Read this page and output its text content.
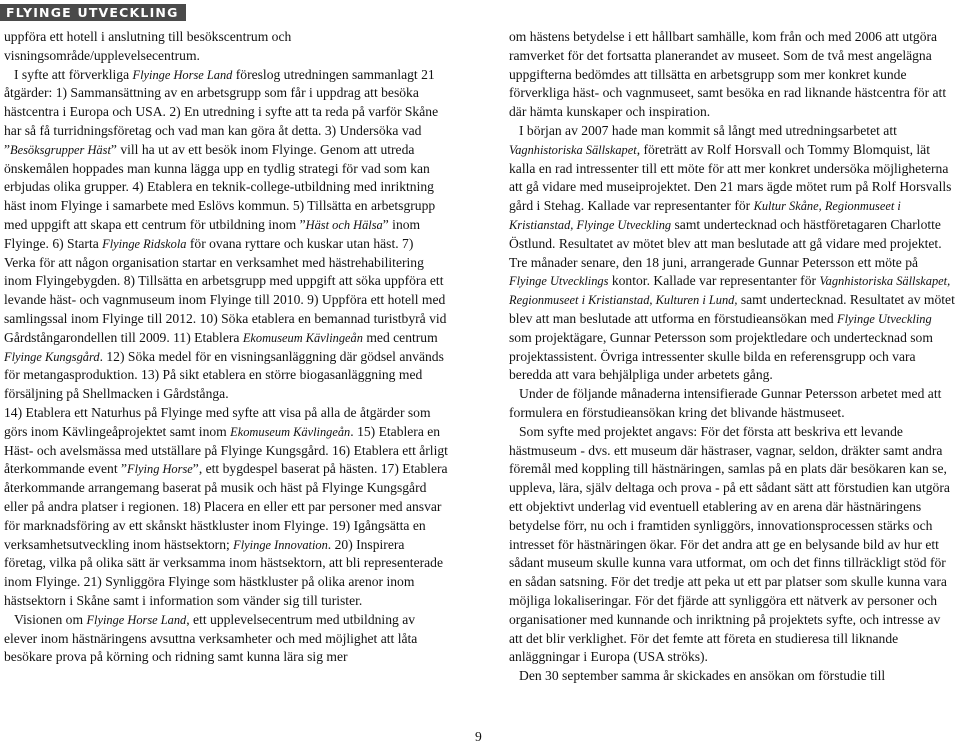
FLYINGE UTVECKLING

uppföra ett hotell i anslutning till besökscentrum och visningsområde/upplevelsecentrum.

I syfte att förverkliga Flyinge Horse Land föreslog utredningen sammanlagt 21 åtgärder: 1) Sammansättning av en arbetsgrupp som får i uppdrag att besöka hästcentra i Europa och USA. 2) En utredning i syfte att ta reda på varför Skåne har så få turridningsföretag och vad man kan göra åt detta. 3) Undersöka vad ”Besöksgrupper Häst” vill ha ut av ett besök inom Flyinge. Genom att utreda önskemålen hoppades man kunna lägga upp en tydlig strategi för vad som kan erbjudas olika grupper. 4) Etablera en teknik-college-utbildning med inriktning häst inom Flyinge i samarbete med Eslövs kommun. 5) Tillsätta en arbetsgrupp med uppgift att skapa ett centrum för utbildning inom ”Häst och Hälsa” inom Flyinge. 6) Starta Flyinge Ridskola för ovana ryttare och kuskar utan häst. 7) Verka för att någon organisation startar en verksamhet med hästrehabilitering inom Flyingebygden. 8) Tillsätta en arbetsgrupp med uppgift att söka uppföra ett levande häst- och vagnmuseum inom Flyinge till 2010. 9) Uppföra ett hotell med samlingssal inom Flyinge till 2012. 10) Söka etablera en bemannad turistbyrå vid Gårdstångarondellen till 2009. 11) Etablera Ekomuseum Kävlingeån med centrum Flyinge Kungsgård. 12) Söka medel för en visningsanläggning där gödsel används för metangasproduktion. 13) På sikt etablera en större biogasanläggning med försäljning på Shellmacken i Gårdstånga.

14) Etablera ett Naturhus på Flyinge med syfte att visa på alla de åtgärder som görs inom Kävlingeåprojektet samt inom Ekomuseum Kävlingeån. 15) Etablera en Häst- och avelsmässa med utställare på Flyinge Kungsgård. 16) Etablera ett årligt återkommande event ”Flying Horse”, ett bygdespel baserat på hästen. 17) Etablera återkommande arrangemang baserat på musik och häst på Flyinge Kungsgård eller på andra platser i regionen. 18) Placera en eller ett par personer med ansvar för marknadsföring av ett skånskt hästkluster inom Flyinge. 19) Igångsätta en verksamhetsutveckling inom hästsektorn; Flyinge Innovation. 20) Inspirera företag, vilka på olika sätt är verksamma inom hästsektorn, att bli representerade inom Flyinge. 21) Synliggöra Flyinge som hästkluster på olika arenor inom hästsektorn i Skåne samt i information som vänder sig till turister.

Visionen om Flyinge Horse Land, ett upplevelsecentrum med utbildning av elever inom hästnäringens avsuttna verksamheter och med möjlighet att låta besökare prova på körning och ridning samt kunna lära sig mer

9

om hästens betydelse i ett hållbart samhälle, kom från och med 2006 att utgöra ramverket för det fortsatta planerandet av museet. Som de två mest angelägna uppgifterna bedömdes att tillsätta en arbetsgrupp som mer konkret kunde förverkliga häst- och vagnmuseet, samt besöka en rad liknande hästcentra för att där hämta kunskaper och inspiration.

I början av 2007 hade man kommit så långt med utredningsarbetet att Vagnhistoriska Sällskapet, företrätt av Rolf Horsvall och Tommy Blomquist, lät kalla en rad intressenter till ett möte för att mer konkret undersöka möjligheterna att gå vidare med museiprojektet. Den 21 mars ägde mötet rum på Rolf Horsvalls gård i Stehag. Kallade var representanter för Kultur Skåne, Regionmuseet i Kristianstad, Flyinge Utveckling samt undertecknad och hästföretagaren Charlotte Östlund. Resultatet av mötet blev att man beslutade att gå vidare med projektet. Tre månader senare, den 18 juni, arrangerade Gunnar Petersson ett möte på Flyinge Utvecklings kontor. Kallade var representanter för Vagnhistoriska Sällskapet, Regionmuseet i Kristianstad, Kulturen i Lund, samt undertecknad. Resultatet av mötet blev att man beslutade att utforma en förstudieansökan med Flyinge Utveckling som projektägare, Gunnar Petersson som projektledare och undertecknad som projektassistent. Övriga intressenter skulle bilda en referensgrupp och vara beredda att vara behjälpliga under arbetets gång.

Under de följande månaderna intensifierade Gunnar Petersson arbetet med att formulera en förstudieansökan kring det blivande hästmuseet.

Som syfte med projektet angavs: För det första att beskriva ett levande hästmuseum - dvs. ett museum där hästraser, vagnar, seldon, dräkter samt andra föremål med koppling till hästnäringen, samlas på en plats där besökaren kan se, uppleva, lära, själv deltaga och prova - på ett sådant sätt att förstudien kan utgöra ett objektivt underlag vid eventuell etablering av en arena där hästnäringens betydelse förr, nu och i framtiden synliggörs, innovationsprocessen stärks och intresset för hästnäringen ökar. För det andra att ge en belysande bild av hur ett sådant museum skulle kunna vara utformat, om och det finns tillräckligt stöd för en sådan satsning. För det tredje att peka ut ett par platser som skulle kunna vara möjliga lokaliseringar. För det fjärde att synliggöra ett nätverk av personer och organisationer med kunnande och inriktning på projektets syfte, och intresse av att det blir verklighet. För det femte att företa en studieresa till liknande anläggningar i Europa (USA ströks).

Den 30 september samma år skickades en ansökan om förstudie till
